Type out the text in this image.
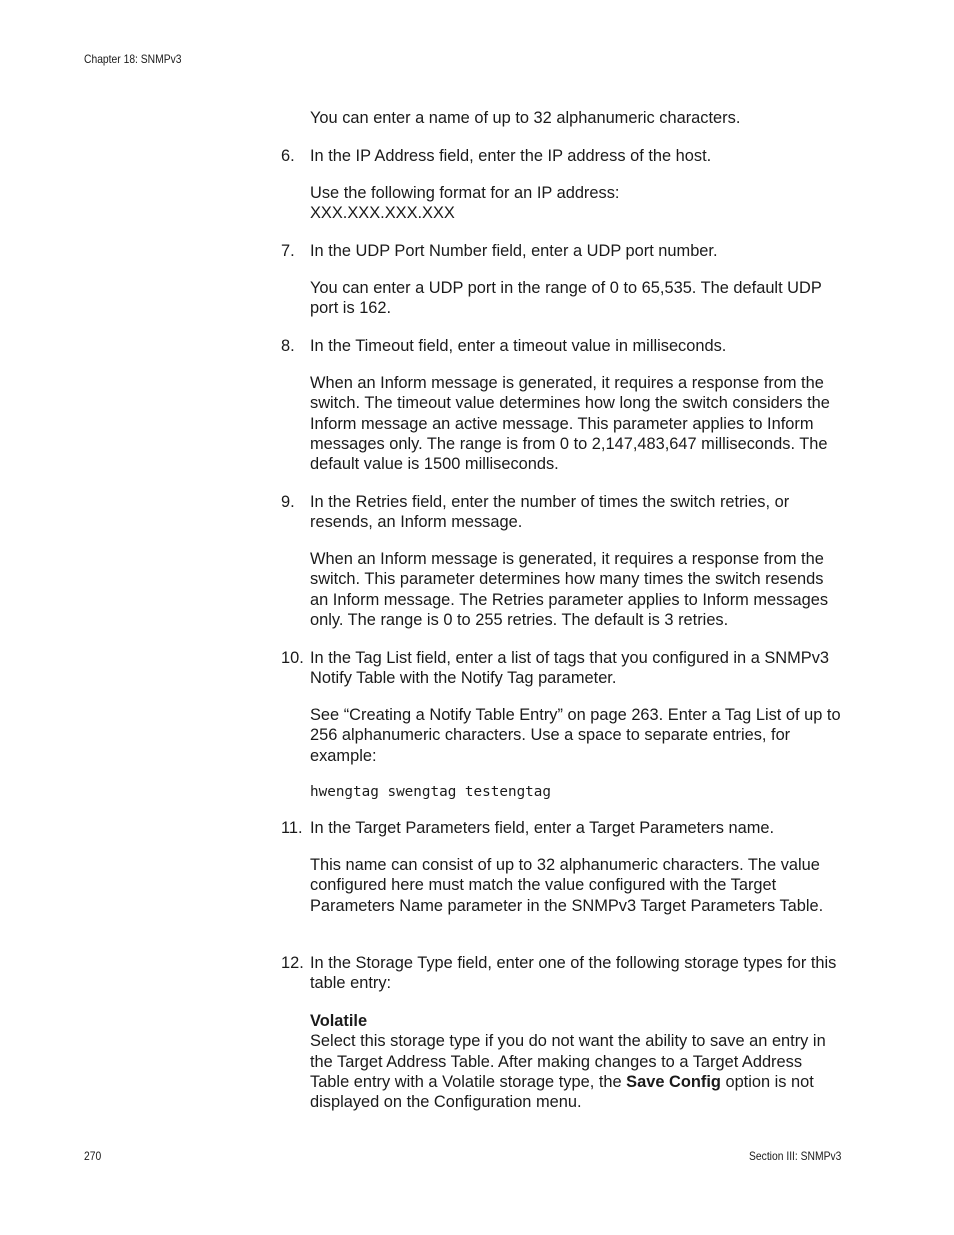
Chapter 18: SNMPv3

You can enter a name of up to 32 alphanumeric characters.

6. In the IP Address field, enter the IP address of the host.
Use the following format for an IP address:
XXX.XXX.XXX.XXX
7. In the UDP Port Number field, enter a UDP port number.

You can enter a UDP port in the range of 0 to 65,535. The default UDP port is 162.

8. In the Timeout field, enter a timeout value in milliseconds.

When an Inform message is generated, it requires a response from the switch. The timeout value determines how long the switch considers the Inform message an active message. This parameter applies to Inform messages only. The range is from 0 to 2,147,483,647 milliseconds. The default value is 1500 milliseconds.

9. In the Retries field, enter the number of times the switch retries, or resends, an Inform message.

When an Inform message is generated, it requires a response from the switch. This parameter determines how many times the switch resends an Inform message. The Retries parameter applies to Inform messages only. The range is 0 to 255 retries. The default is 3 retries.

10. In the Tag List field, enter a list of tags that you configured in a SNMPv3 Notify Table with the Notify Tag parameter.

See “Creating a Notify Table Entry” on page 263. Enter a Tag List of up to 256 alphanumeric characters. Use a space to separate entries, for example:

hwengtag swengtag testengtag
11. In the Target Parameters field, enter a Target Parameters name.

This name can consist of up to 32 alphanumeric characters. The value configured here must match the value configured with the Target Parameters Name parameter in the SNMPv3 Target Parameters Table.

12. In the Storage Type field, enter one of the following storage types for this table entry:
Volatile
Select this storage type if you do not want the ability to save an entry in the Target Address Table. After making changes to a Target Address Table entry with a Volatile storage type, the Save Config option is not displayed on the Configuration menu.
270	Section III: SNMPv3
